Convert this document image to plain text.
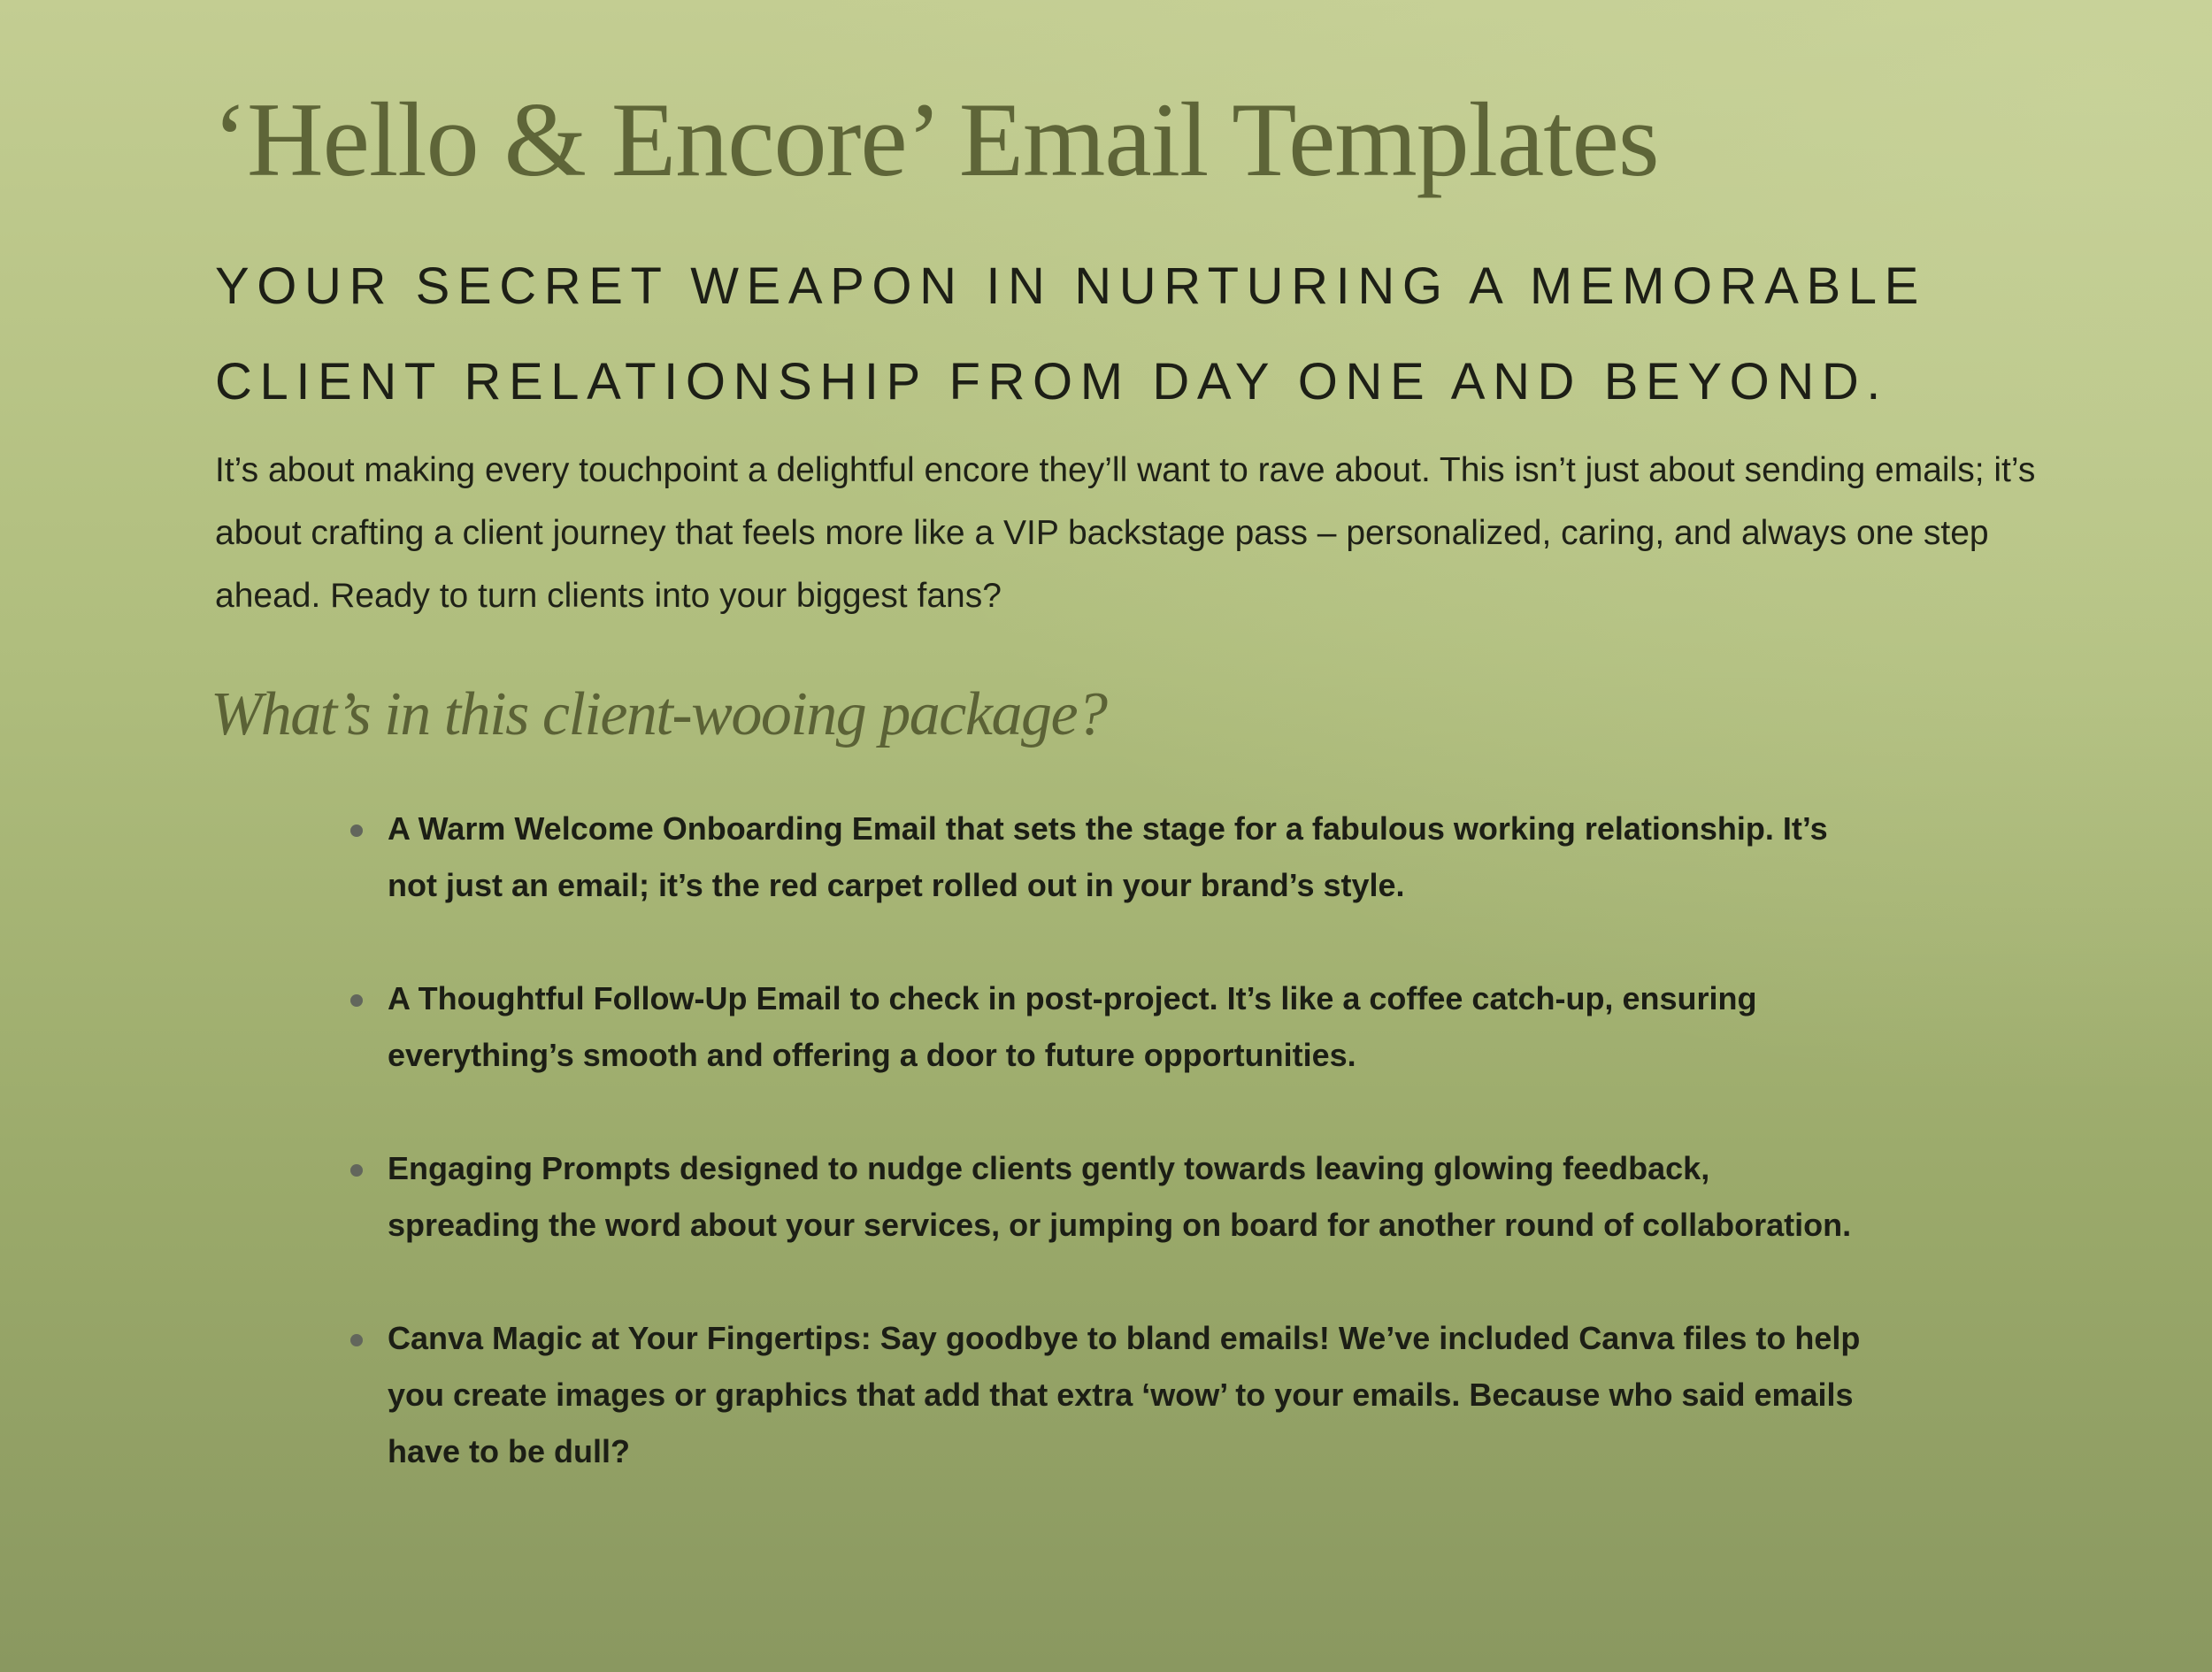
‘Hello & Encore’ Email Templates
YOUR SECRET WEAPON IN NURTURING A MEMORABLE CLIENT RELATIONSHIP FROM DAY ONE AND BEYOND.

It’s about making every touchpoint a delightful encore they’ll want to rave about. This isn’t just about sending emails; it’s about crafting a client journey that feels more like a VIP backstage pass – personalized, caring, and always one step ahead. Ready to turn clients into your biggest fans?

What’s in this client-wooing package?
A Warm Welcome Onboarding Email that sets the stage for a fabulous working relationship. It’s not just an email; it’s the red carpet rolled out in your brand’s style.
A Thoughtful Follow-Up Email to check in post-project. It’s like a coffee catch-up, ensuring everything’s smooth and offering a door to future opportunities.
Engaging Prompts designed to nudge clients gently towards leaving glowing feedback, spreading the word about your services, or jumping on board for another round of collaboration.
Canva Magic at Your Fingertips: Say goodbye to bland emails! We’ve included Canva files to help you create images or graphics that add that extra ‘wow’ to your emails. Because who said emails have to be dull?
